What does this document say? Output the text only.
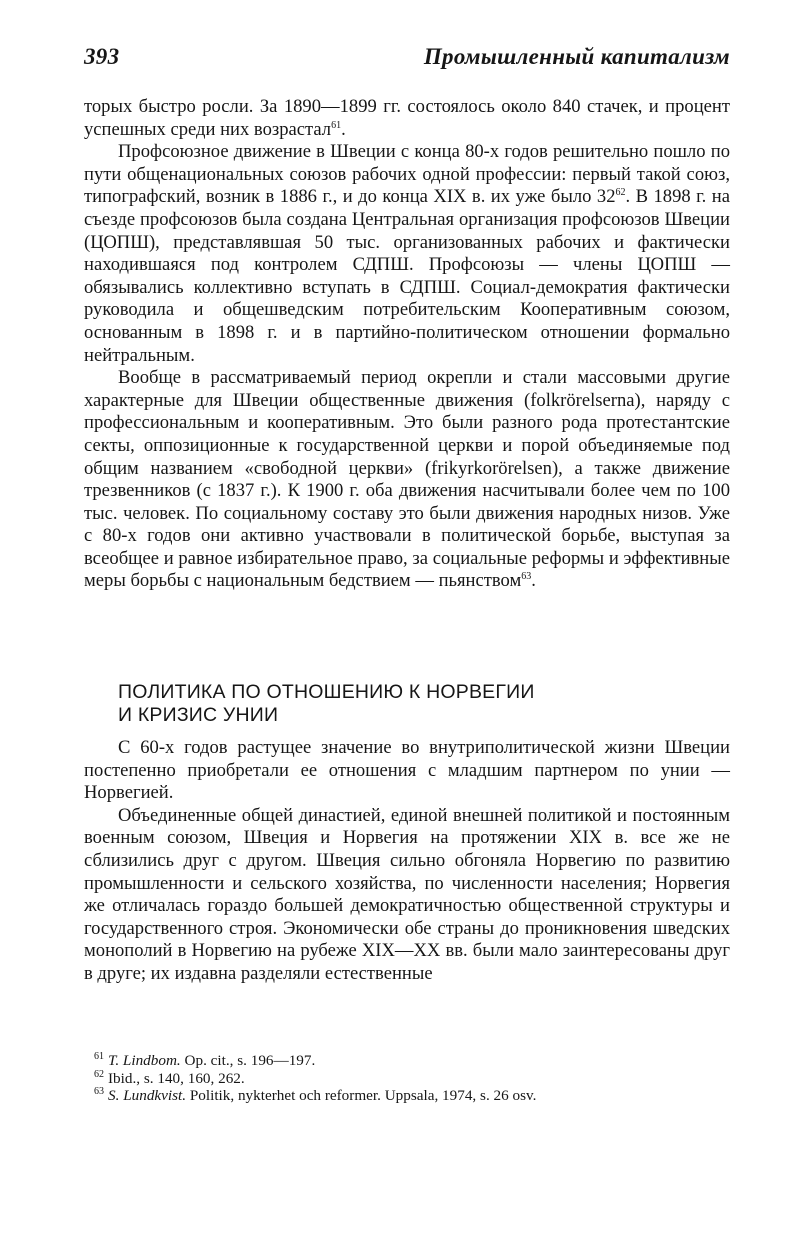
393	Промышленный капитализм

торых быстро росли. За 1890—1899 гг. состоялось около 840 стачек, и процент успешных среди них возрастал$^{61}$.

Профсоюзное движение в Швеции с конца 80-х годов решительно пошло по пути общенациональных союзов рабочих одной профессии: первый такой союз, типографский, возник в 1886 г., и до конца XIX в. их уже было $32^{62}$. В 1898 г. на съезде профсоюзов была создана Центральная организация профсоюзов Швеции (ЦОПШ), представлявшая 50 тыс. организованных рабочих и фактически находившаяся под контролем СДПШ. Профсоюзы — члены ЦОПШ — обязывались коллективно вступать в СДПШ. Социал-демократия фактически руководила и общешведским потребительским Кооперативным союзом, основанным в 1898 г. и в партийно-политическом отношении формально нейтральным.

Вообще в рассматриваемый период окрепли и стали массовыми другие характерные для Швеции общественные движения (folkrörelserna), наряду с профессиональным и кооперативным. Это были разного рода протестантские секты, оппозиционные к государственной церкви и порой объединяемые под общим названием «свободной церкви» (frikyrkorörelsen), а также движение трезвенников (с 1837 г.). К 1900 г. оба движения насчитывали более чем по 100 тыс. человек. По социальному составу это были движения народных низов. Уже с 80-х годов они активно участвовали в политической борьбе, выступая за всеобщее и равное избирательное право, за социальные реформы и эффективные меры борьбы с национальным бедствием — пьянством$^{63}$.

ПОЛИТИКА ПО ОТНОШЕНИЮ К НОРВЕГИИ
И КРИЗИС УНИИ

С 60-х годов растущее значение во внутриполитической жизни Швеции постепенно приобретали ее отношения с младшим партнером по унии — Норвегией.

Объединенные общей династией, единой внешней политикой и постоянным военным союзом, Швеция и Норвегия на протяжении XIX в. все же не сблизились друг с другом. Швеция сильно обгоняла Норвегию по развитию промышленности и сельского хозяйства, по численности населения; Норвегия же отличалась гораздо большей демократичностью общественной структуры и государственного строя. Экономически обе страны до проникновения шведских монополий в Норвегию на рубеже XIX—XX вв. были мало заинтересованы друг в друге; их издавна разделяли естественные

$^{61}$ T. Lindbom. Op. cit., s. 196—197.
$^{62}$ Ibid., s. 140, 160, 262.
$^{63}$ S. Lundkvist. Politik, nykterhet och reformer. Uppsala, 1974, s. 26 osv.
